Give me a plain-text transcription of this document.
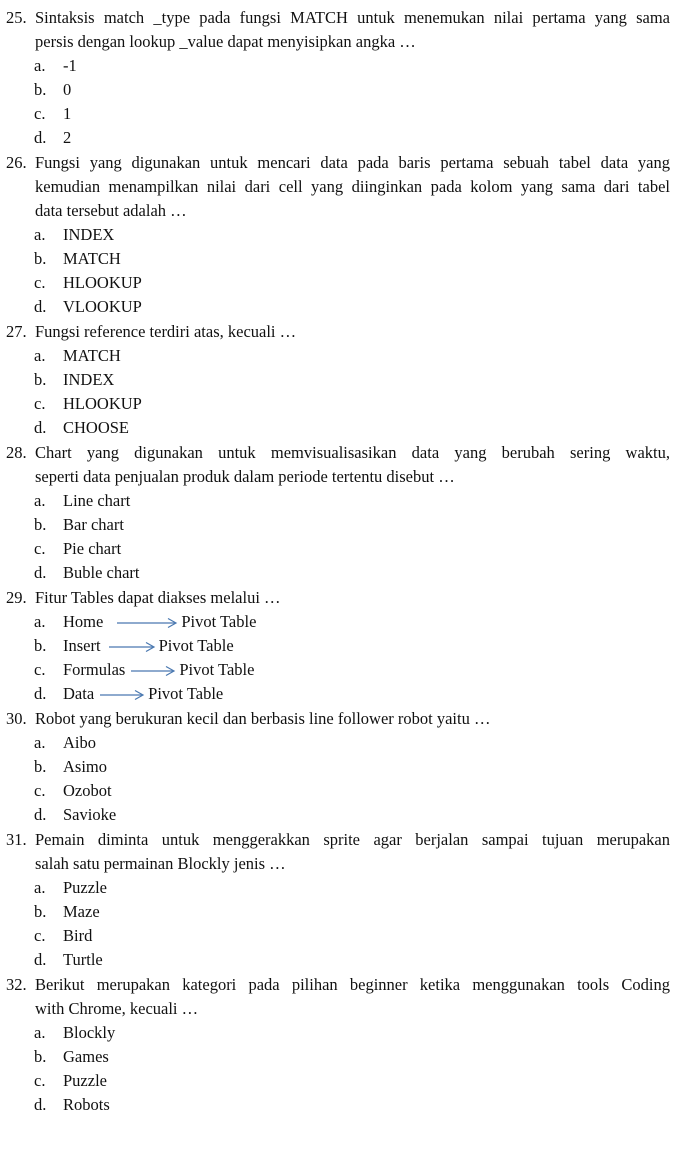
25. Sintaksis match _type pada fungsi MATCH untuk menemukan nilai pertama yang sama
persis dengan lookup _value dapat menyisipkan angka …
a. -1
b. 0
c. 1
d. 2
26. Fungsi yang digunakan untuk mencari data pada baris pertama sebuah tabel data yang
kemudian menampilkan nilai dari cell yang diinginkan pada kolom yang sama dari tabel
data tersebut adalah …
a. INDEX
b. MATCH
c. HLOOKUP
d. VLOOKUP
27. Fungsi reference terdiri atas, kecuali …
a. MATCH
b. INDEX
c. HLOOKUP
d. CHOOSE
28. Chart yang digunakan untuk memvisualisasikan data yang berubah sering waktu,
seperti data penjualan produk dalam periode tertentu disebut …
a. Line chart
b. Bar chart
c. Pie chart
d. Buble chart
29. Fitur Tables dapat diakses melalui …
a. Home	Pivot Table
b. Insert	Pivot Table
c. Formulas	Pivot Table
d. Data	Pivot Table
30. Robot yang berukuran kecil dan berbasis line follower robot yaitu …
a. Aibo
b. Asimo
c. Ozobot
d. Savioke
31. Pemain diminta untuk menggerakkan sprite agar berjalan sampai tujuan merupakan
salah satu permainan Blockly jenis …
a. Puzzle
b. Maze
c. Bird
d. Turtle
32. Berikut merupakan kategori pada pilihan beginner ketika menggunakan tools Coding
with Chrome, kecuali …
a. Blockly
b. Games
c. Puzzle
d. Robots
